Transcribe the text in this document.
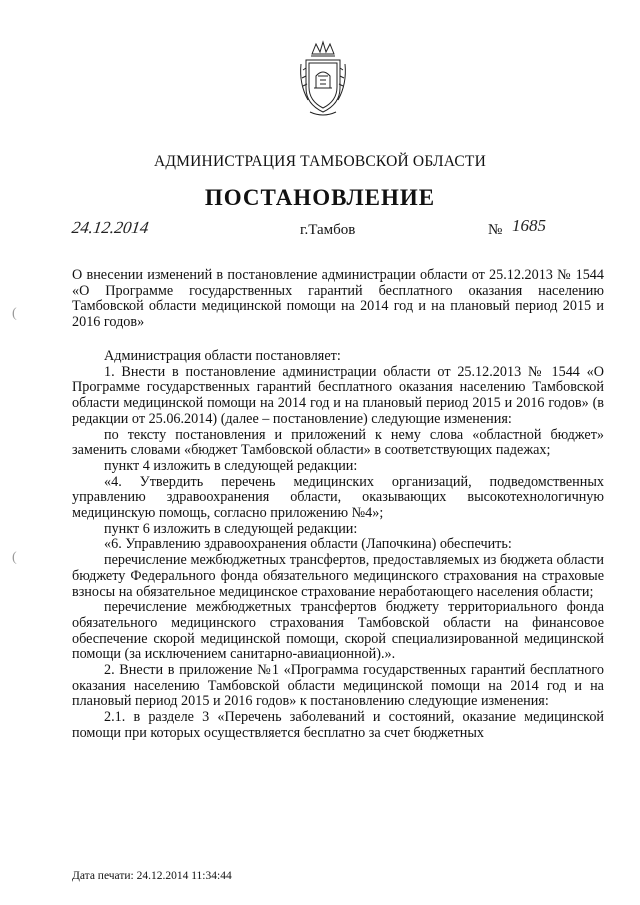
АДМИНИСТРАЦИЯ ТАМБОВСКОЙ ОБЛАСТИ
ПОСТАНОВЛЕНИЕ
24.12.2014	г.Тамбов	№ 1685
О внесении изменений в постановление администрации области от 25.12.2013 № 1544 «О Программе государственных гарантий бесплатного оказания населению Тамбовской области медицинской помощи на 2014 год и на плановый период 2015 и 2016 годов»

Администрация области постановляет:

1. Внести в постановление администрации области от 25.12.2013 № 1544 «О Программе государственных гарантий бесплатного оказания населению Тамбовской области медицинской помощи на 2014 год и на плановый период 2015 и 2016 годов» (в редакции от 25.06.2014) (далее – постановление) следующие изменения:

по тексту постановления и приложений к нему слова «областной бюджет» заменить словами «бюджет Тамбовской области» в соответствующих падежах;

пункт 4 изложить в следующей редакции:

«4. Утвердить перечень медицинских организаций, подведомственных управлению здравоохранения области, оказывающих высокотехнологичную медицинскую помощь, согласно приложению №4»;

пункт 6 изложить в следующей редакции:

«6. Управлению здравоохранения области (Лапочкина) обеспечить:

перечисление межбюджетных трансфертов, предоставляемых из бюджета области бюджету Федерального фонда обязательного медицинского страхования на страховые взносы на обязательное медицинское страхование неработающего населения области;

перечисление межбюджетных трансфертов бюджету территориального фонда обязательного медицинского страхования Тамбовской области на финансовое обеспечение скорой медицинской помощи, скорой специализированной медицинской помощи (за исключением санитарно-авиационной).».

2. Внести в приложение №1 «Программа государственных гарантий бесплатного оказания населению Тамбовской области медицинской помощи на 2014 год и на плановый период 2015 и 2016 годов» к постановлению следующие изменения:

2.1. в разделе 3 «Перечень заболеваний и состояний, оказание медицинской помощи при которых осуществляется бесплатно за счет бюджетных

Дата печати: 24.12.2014 11:34:44
(
(
